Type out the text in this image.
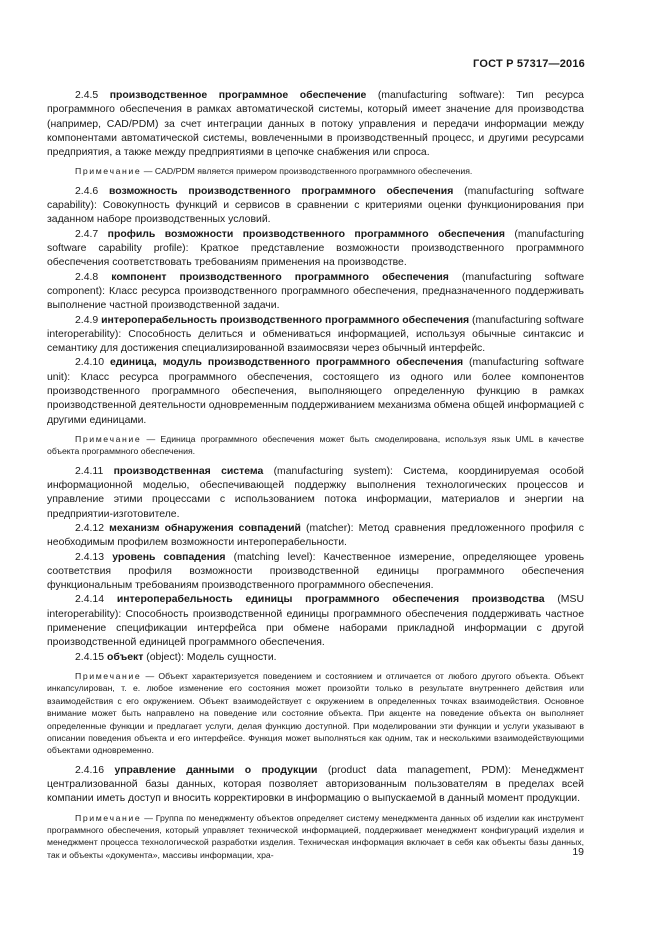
ГОСТ Р 57317—2016

2.4.5 производственное программное обеспечение (manufacturing software): Тип ресурса программного обеспечения в рамках автоматической системы, который имеет значение для производства (например, CAD/PDM) за счет интеграции данных в потоку управления и передачи информации между компонентами автоматической системы, вовлеченными в производственный процесс, и другими ресурсами предприятия, а также между предприятиями в цепочке снабжения или спроса.

Примечание — CAD/PDM является примером производственного программного обеспечения.

2.4.6 возможность производственного программного обеспечения (manufacturing software capability): Совокупность функций и сервисов в сравнении с критериями оценки функционирования при заданном наборе производственных условий.

2.4.7 профиль возможности производственного программного обеспечения (manufacturing software capability profile): Краткое представление возможности производственного программного обеспечения соответствовать требованиям применения на производстве.

2.4.8 компонент производственного программного обеспечения (manufacturing software component): Класс ресурса производственного программного обеспечения, предназначенного поддерживать выполнение частной производственной задачи.

2.4.9 интероперабельность производственного программного обеспечения (manufacturing software interoperability): Способность делиться и обмениваться информацией, используя обычные синтаксис и семантику для достижения специализированной взаимосвязи через обычный интерфейс.

2.4.10 единица, модуль производственного программного обеспечения (manufacturing software unit): Класс ресурса программного обеспечения, состоящего из одного или более компонентов производственного программного обеспечения, выполняющего определенную функцию в рамках производственной деятельности одновременным поддерживанием механизма обмена общей информацией с другими единицами.

Примечание — Единица программного обеспечения может быть смоделирована, используя язык UML в качестве объекта программного обеспечения.

2.4.11 производственная система (manufacturing system): Система, координируемая особой информационной моделью, обеспечивающей поддержку выполнения технологических процессов и управление этими процессами с использованием потока информации, материалов и энергии на предприятии-изготовителе.

2.4.12 механизм обнаружения совпадений (matcher): Метод сравнения предложенного профиля с необходимым профилем возможности интероперабельности.

2.4.13 уровень совпадения (matching level): Качественное измерение, определяющее уровень соответствия профиля возможности производственной единицы программного обеспечения функциональным требованиям производственного программного обеспечения.

2.4.14 интероперабельность единицы программного обеспечения производства (MSU interoperability): Способность производственной единицы программного обеспечения поддерживать частное применение спецификации интерфейса при обмене наборами прикладной информации с другой производственной единицей программного обеспечения.

2.4.15 объект (object): Модель сущности.

Примечание — Объект характеризуется поведением и состоянием и отличается от любого другого объекта. Объект инкапсулирован, т. е. любое изменение его состояния может произойти только в результате внутреннего действия или взаимодействия с его окружением. Объект взаимодействует с окружением в определенных точках взаимодействия. Основное внимание может быть направлено на поведение или состояние объекта. При акценте на поведение объекта он выполняет определенные функции и предлагает услуги, делая функцию доступной. При моделировании эти функции и услуги указывают в описании поведения объекта и его интерфейсе. Функция может выполняться как одним, так и несколькими взаимодействующими объектами одновременно.

2.4.16 управление данными о продукции (product data management, PDM): Менеджмент централизованной базы данных, которая позволяет авторизованным пользователям в пределах всей компании иметь доступ и вносить корректировки в информацию о выпускаемой в данный момент продукции.

Примечание — Группа по менеджменту объектов определяет систему менеджмента данных об изделии как инструмент программного обеспечения, который управляет технической информацией, поддерживает менеджмент конфигураций изделия и менеджмент процесса технологической разработки изделия. Техническая информация включает в себя как объекты базы данных, так и объекты «документа», массивы информации, хра-	19
